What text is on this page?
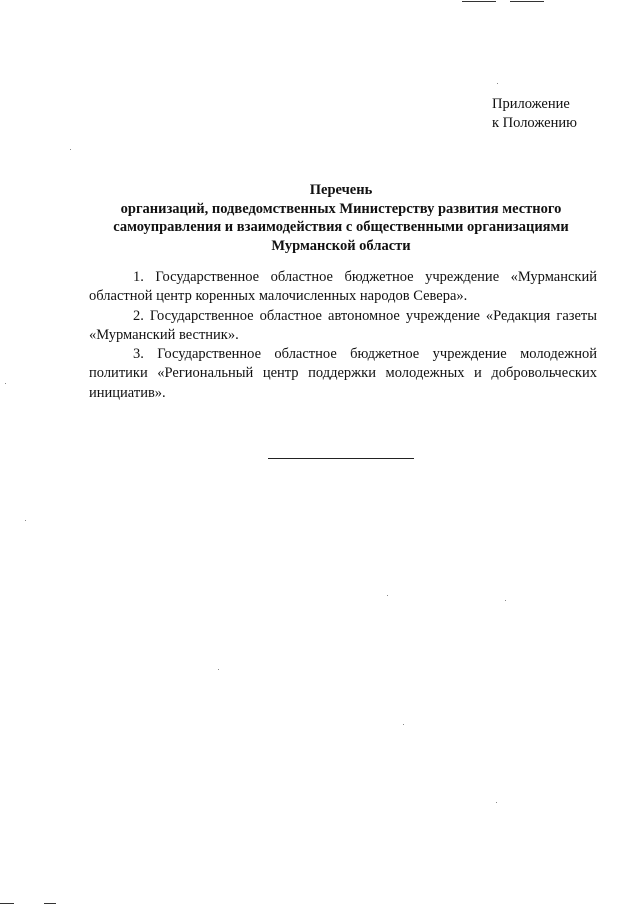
Приложение
к Положению
Перечень
организаций, подведомственных Министерству развития местного
самоуправления и взаимодействия с общественными организациями
Мурманской области

1. Государственное областное бюджетное учреждение «Мурманский областной центр коренных малочисленных народов Севера».

2. Государственное областное автономное учреждение «Редакция газеты «Мурманский вестник».

3. Государственное областное бюджетное учреждение молодежной политики «Региональный центр поддержки молодежных и добровольческих инициатив».
